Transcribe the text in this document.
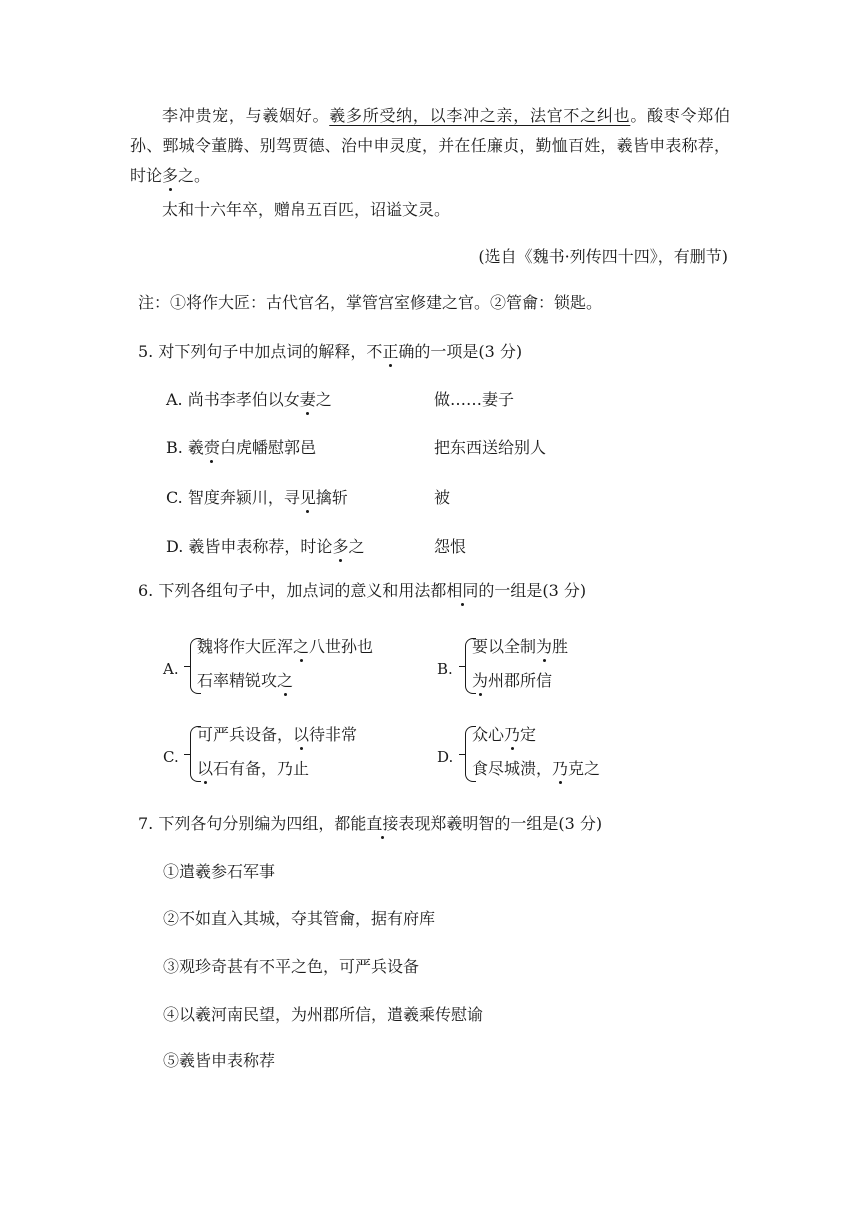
李冲贵宠，与羲姻好。羲多所受纳，以李冲之亲，法官不之纠也。酸枣令郑伯孙、鄄城令董腾、别驾贾德、治中申灵度，并在任廉贞，勤恤百姓，羲皆申表称荐，时论多之。
太和十六年卒，赠帛五百匹，诏谥文灵。
(选自《魏书·列传四十四》，有删节)
注：①将作大匠：古代官名，掌管宫室修建之官。②管龠：锁匙。
5. 对下列句子中加点词的解释，不正确的一项是(3 分)
A. 尚书李孝伯以女妻之	做……妻子
B. 羲赍白虎幡慰郭邑	把东西送给别人
C. 智度奔颍川，寻见擒斩	被
D. 羲皆申表称荐，时论多之	怨恨
6. 下列各组句子中，加点词的意义和用法都相同的一组是(3 分)
A.
魏将作大匠浑之八世孙也
石率精锐攻之
B.
要以全制为胜
为州郡所信
C.
可严兵设备，以待非常
以石有备，乃止
D.
众心乃定
食尽城溃，乃克之
7. 下列各句分别编为四组，都能直接表现郑羲明智的一组是(3 分)
①遣羲参石军事
②不如直入其城，夺其管龠，据有府库
③观珍奇甚有不平之色，可严兵设备
④以羲河南民望，为州郡所信，遣羲乘传慰谕
⑤羲皆申表称荐
